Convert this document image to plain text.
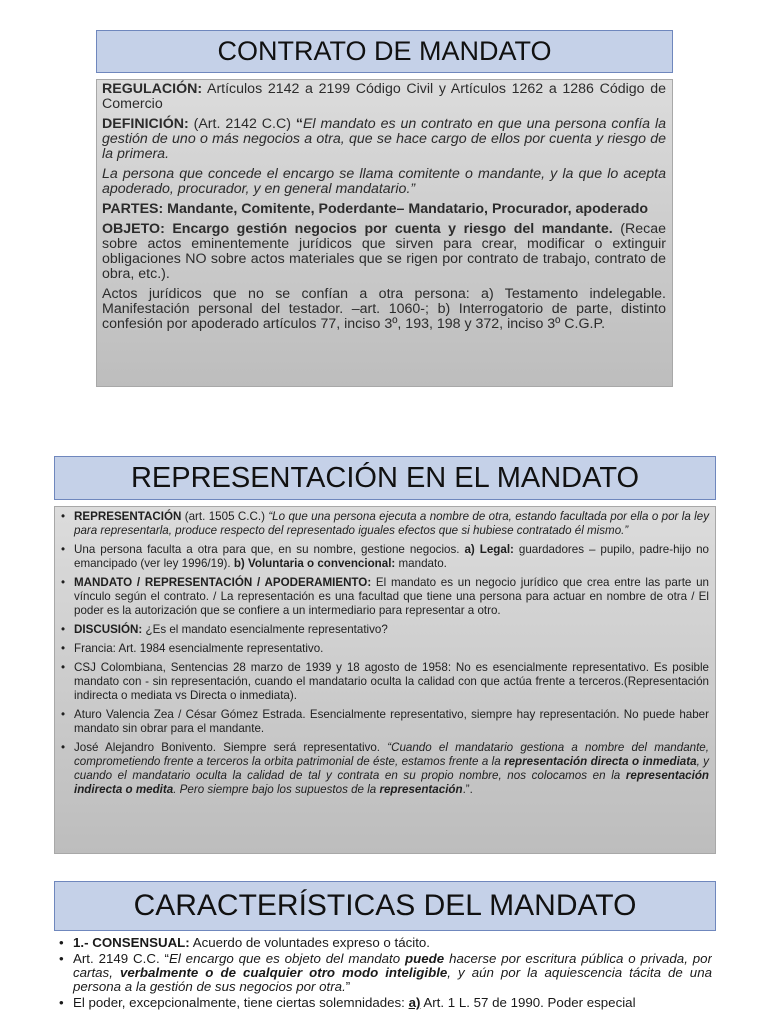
CONTRATO DE MANDATO

REGULACIÓN: Artículos 2142 a 2199 Código Civil y Artículos 1262 a 1286 Código de Comercio

DEFINICIÓN: (Art. 2142 C.C) “El mandato es un contrato en que una persona confía la gestión de uno o más negocios a otra, que se hace cargo de ellos por cuenta y riesgo de la primera.

La persona que concede el encargo se llama comitente o mandante, y la que lo acepta apoderado, procurador, y en general mandatario.”

PARTES: Mandante, Comitente, Poderdante– Mandatario, Procurador, apoderado

OBJETO: Encargo gestión negocios por cuenta y riesgo del mandante. (Recae sobre actos eminentemente jurídicos que sirven para crear, modificar o extinguir obligaciones NO sobre actos materiales que se rigen por contrato de trabajo, contrato de obra, etc.).

Actos jurídicos que no se confían a otra persona: a) Testamento indelegable. Manifestación personal del testador. –art. 1060-; b) Interrogatorio de parte, distinto confesión por apoderado artículos 77, inciso 3º, 193, 198 y 372, inciso 3º C.G.P.

REPRESENTACIÓN EN EL MANDATO
• REPRESENTACIÓN (art. 1505 C.C.) “Lo que una persona ejecuta a nombre de otra, estando facultada por ella o por la ley para representarla, produce respecto del representado iguales efectos que si hubiese contratado él mismo.”
• Una persona faculta a otra para que, en su nombre, gestione negocios. a) Legal: guardadores – pupilo, padre-hijo no emancipado (ver ley 1996/19). b) Voluntaria o convencional: mandato.
• MANDATO / REPRESENTACIÓN / APODERAMIENTO: El mandato es un negocio jurídico que crea entre las parte un vínculo según el contrato. / La representación es una facultad que tiene una persona para actuar en nombre de otra / El poder es la autorización que se confiere a un intermediario para representar a otro.
• DISCUSIÓN: ¿Es el mandato esencialmente representativo?
• Francia: Art. 1984 esencialmente representativo.
• CSJ Colombiana, Sentencias 28 marzo de 1939 y 18 agosto de 1958: No es esencialmente representativo. Es posible mandato con - sin representación, cuando el mandatario oculta la calidad con que actúa frente a terceros.(Representación indirecta o mediata vs Directa o inmediata).
• Aturo Valencia Zea / César Gómez Estrada. Esencialmente representativo, siempre hay representación. No puede haber mandato sin obrar para el mandante.
• José Alejandro Bonivento. Siempre será representativo. “Cuando el mandatario gestiona a nombre del mandante, comprometiendo frente a terceros la orbita patrimonial de éste, estamos frente a la representación directa o inmediata, y cuando el mandatario oculta la calidad de tal y contrata en su propio nombre, nos colocamos en la representación indirecta o medita. Pero siempre bajo los supuestos de la representación.”.
CARACTERÍSTICAS DEL MANDATO
• 1.- CONSENSUAL: Acuerdo de voluntades expreso o tácito.
• Art. 2149 C.C. “El encargo que es objeto del mandato puede hacerse por escritura pública o privada, por cartas, verbalmente o de cualquier otro modo inteligible, y aún por la aquiescencia tácita de una persona a la gestión de sus negocios por otra.”
• El poder, excepcionalmente, tiene ciertas solemnidades: a) Art. 1 L. 57 de 1990. Poder especial
